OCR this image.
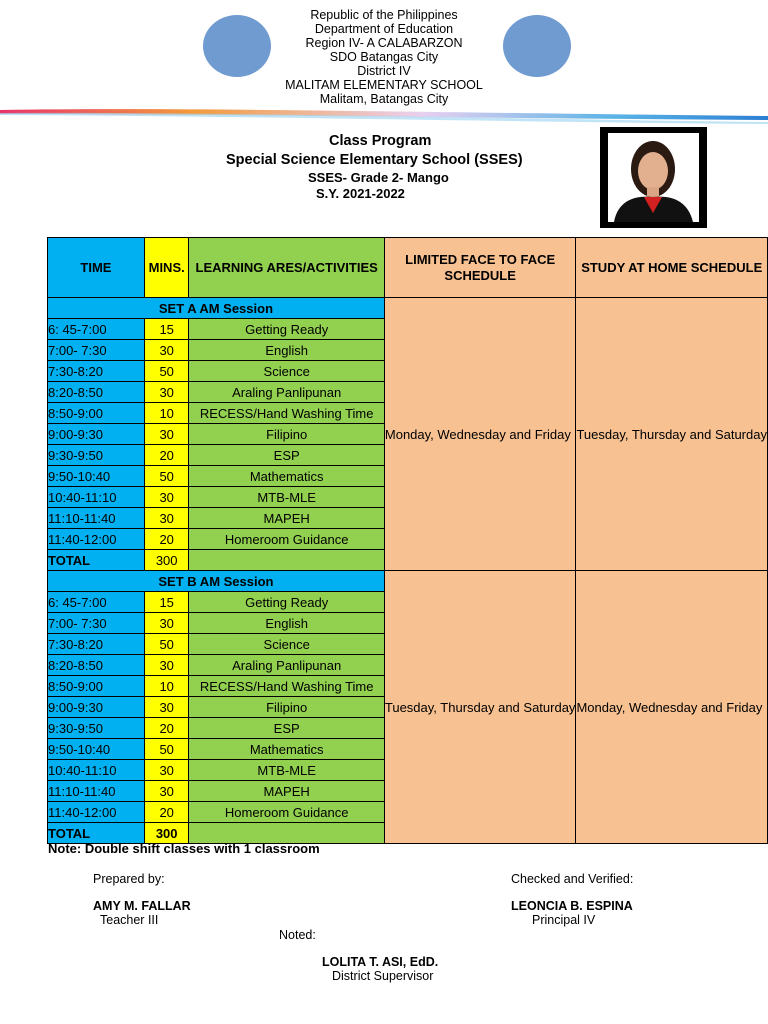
Republic of the Philippines
Department of Education
Region IV- A CALABARZON
SDO Batangas City
District IV
MALITAM ELEMENTARY SCHOOL
Malitam, Batangas City
Class Program
Special Science Elementary School (SSES)
SSES- Grade 2- Mango
S.Y. 2021-2022
TIME	MINS.	LEARNING ARES/ACTIVITIES	LIMITED FACE TO FACE SCHEDULE	STUDY AT HOME SCHEDULE
SET A AM Session			Monday, Wednesday and Friday	Tuesday, Thursday and Saturday
6: 45-7:00	15	Getting Ready		
7:00- 7:30	30	English		
7:30-8:20	50	Science		
8:20-8:50	30	Araling Panlipunan		
8:50-9:00	10	RECESS/Hand Washing Time		
9:00-9:30	30	Filipino		
9:30-9:50	20	ESP		
9:50-10:40	50	Mathematics		
10:40-11:10	30	MTB-MLE		
11:10-11:40	30	MAPEH		
11:40-12:00	20	Homeroom Guidance		
TOTAL	300			
SET B AM Session			Tuesday, Thursday and Saturday	Monday, Wednesday and Friday
6: 45-7:00	15	Getting Ready		
7:00- 7:30	30	English		
7:30-8:20	50	Science		
8:20-8:50	30	Araling Panlipunan		
8:50-9:00	10	RECESS/Hand Washing Time		
9:00-9:30	30	Filipino		
9:30-9:50	20	ESP		
9:50-10:40	50	Mathematics		
10:40-11:10	30	MTB-MLE		
11:10-11:40	30	MAPEH		
11:40-12:00	20	Homeroom Guidance		
TOTAL	300			
Note: Double shift classes with 1 classroom
Prepared by:
AMY M. FALLAR
Teacher III
Checked and Verified:
LEONCIA B. ESPINA
Principal IV
Noted:
LOLITA T. ASI, EdD.
District Supervisor
